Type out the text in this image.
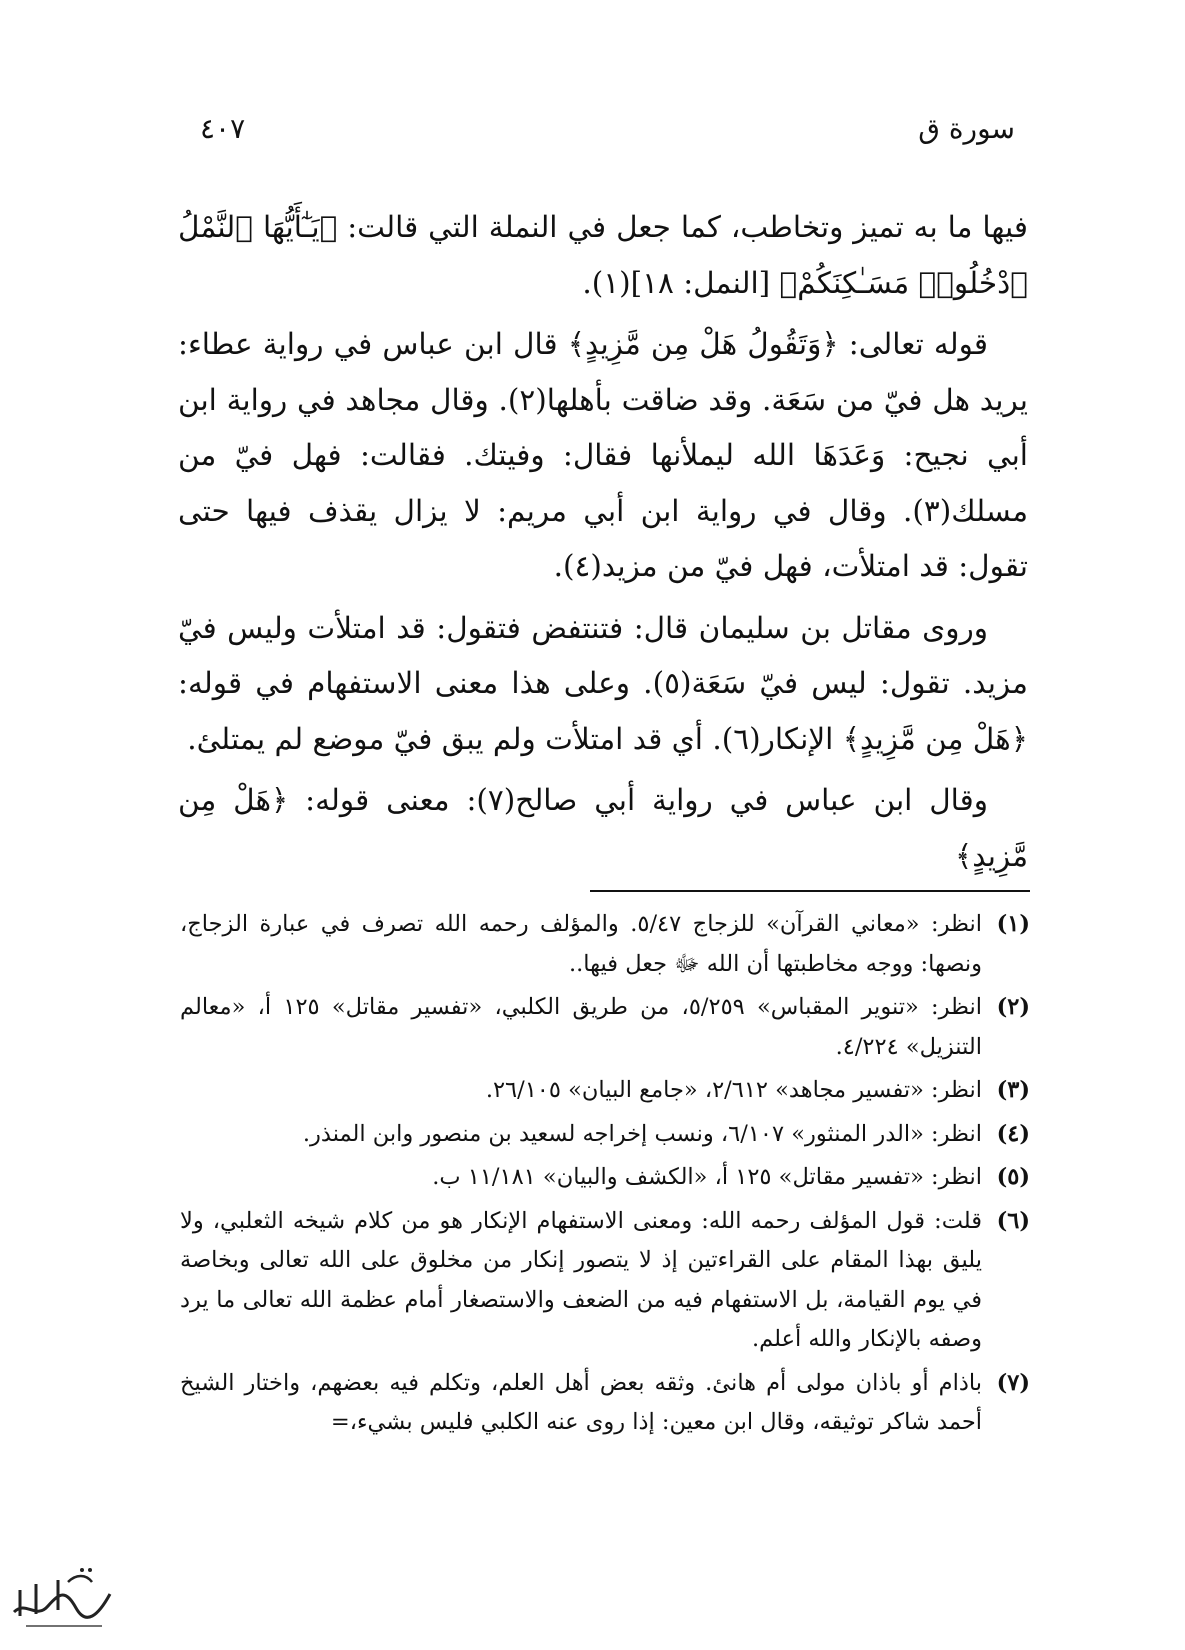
سورة ق
٤٠٧

فيها ما به تميز وتخاطب، كما جعل في النملة التي قالت: ﴿يَـٰٓأَيُّهَا ٱلنَّمْلُ ٱدْخُلُوا۟ مَسَـٰكِنَكُمْ﴾ [النمل: ١٨](١).

قوله تعالى: ﴿وَتَقُولُ هَلْ مِن مَّزِيدٍ﴾ قال ابن عباس في رواية عطاء: يريد هل فيّ من سَعَة. وقد ضاقت بأهلها(٢). وقال مجاهد في رواية ابن أبي نجيح: وَعَدَهَا الله ليملأنها فقال: وفيتك. فقالت: فهل فيّ من مسلك(٣). وقال في رواية ابن أبي مريم: لا يزال يقذف فيها حتى تقول: قد امتلأت، فهل فيّ من مزيد(٤).

وروى مقاتل بن سليمان قال: فتنتفض فتقول: قد امتلأت وليس فيّ مزيد. تقول: ليس فيّ سَعَة(٥). وعلى هذا معنى الاستفهام في قوله: ﴿هَلْ مِن مَّزِيدٍ﴾ الإنكار(٦). أي قد امتلأت ولم يبق فيّ موضع لم يمتلئ.

وقال ابن عباس في رواية أبي صالح(٧): معنى قوله: ﴿هَلْ مِن مَّزِيدٍ﴾

(١)
انظر: «معاني القرآن» للزجاج ٥/٤٧. والمؤلف رحمه الله تصرف في عبارة الزجاج، ونصها: ووجه مخاطبتها أن الله ﷻ جعل فيها..
(٢)
انظر: «تنوير المقباس» ٥/٢٥٩، من طريق الكلبي، «تفسير مقاتل» ١٢٥ أ، «معالم التنزيل» ٤/٢٢٤.
(٣)
انظر: «تفسير مجاهد» ٢/٦١٢، «جامع البيان» ٢٦/١٠٥.
(٤)
انظر: «الدر المنثور» ٦/١٠٧، ونسب إخراجه لسعيد بن منصور وابن المنذر.
(٥)
انظر: «تفسير مقاتل» ١٢٥ أ، «الكشف والبيان» ١١/١٨١ ب.
(٦)
قلت: قول المؤلف رحمه الله: ومعنى الاستفهام الإنكار هو من كلام شيخه الثعلبي، ولا يليق بهذا المقام على القراءتين إذ لا يتصور إنكار من مخلوق على الله تعالى وبخاصة في يوم القيامة، بل الاستفهام فيه من الضعف والاستصغار أمام عظمة الله تعالى ما يرد وصفه بالإنكار والله أعلم.
(٧)
باذام أو باذان مولى أم هانئ. وثقه بعض أهل العلم، وتكلم فيه بعضهم، واختار الشيخ أحمد شاكر توثيقه، وقال ابن معين: إذا روى عنه الكلبي فليس بشيء،=
